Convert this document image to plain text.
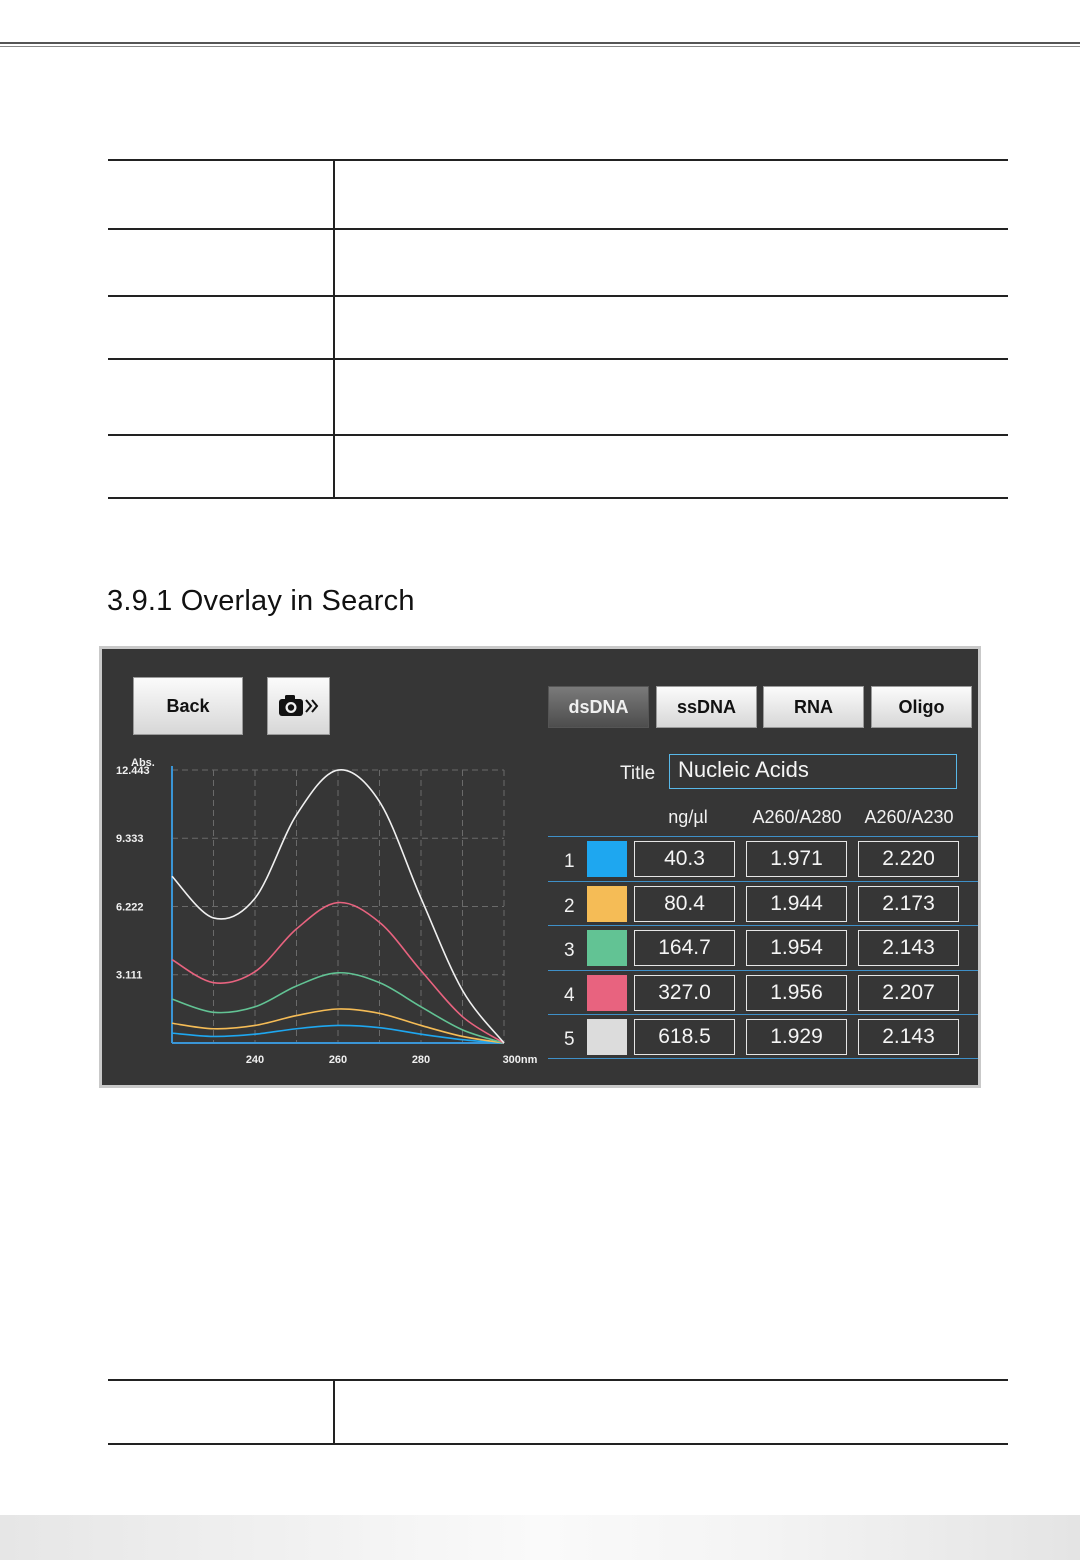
3.9.1 Overlay in Search
Back	dsDNA	ssDNA	RNA	Oligo
Title	Nucleic Acids
ng/µl	A260/A280	A260/A230
1	40.3	1.971	2.220
2	80.4	1.944	2.173
3	164.7	1.954	2.143
4	327.0	1.956	2.207
5	618.5	1.929	2.143
240	260	280	300nm
3.111
6.222
9.333
12.443
Abs.
